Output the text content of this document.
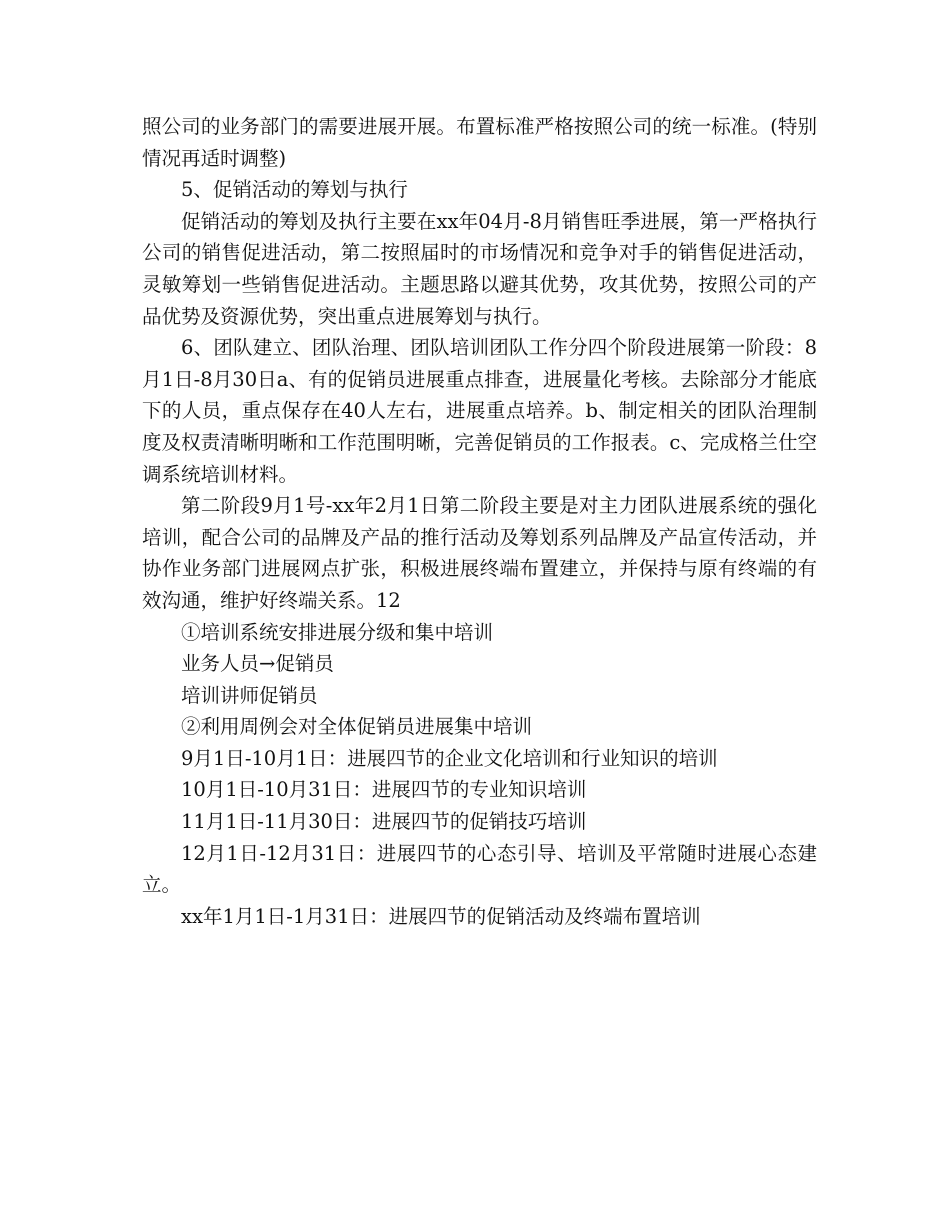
照公司的业务部门的需要进展开展。布置标准严格按照公司的统一标准。(特别情况再适时调整)

5、促销活动的筹划与执行

促销活动的筹划及执行主要在xx年04月-8月销售旺季进展，第一严格执行公司的销售促进活动，第二按照届时的市场情况和竞争对手的销售促进活动，灵敏筹划一些销售促进活动。主题思路以避其优势，攻其优势，按照公司的产品优势及资源优势，突出重点进展筹划与执行。

6、团队建立、团队治理、团队培训团队工作分四个阶段进展第一阶段：8月1日-8月30日a、有的促销员进展重点排查，进展量化考核。去除部分才能底下的人员，重点保存在40人左右，进展重点培养。b、制定相关的团队治理制度及权责清晰明晰和工作范围明晰，完善促销员的工作报表。c、完成格兰仕空调系统培训材料。

第二阶段9月1号-xx年2月1日第二阶段主要是对主力团队进展系统的强化培训，配合公司的品牌及产品的推行活动及筹划系列品牌及产品宣传活动，并协作业务部门进展网点扩张，积极进展终端布置建立，并保持与原有终端的有效沟通，维护好终端关系。12

①培训系统安排进展分级和集中培训

业务人员→促销员

培训讲师促销员

②利用周例会对全体促销员进展集中培训

9月1日-10月1日：进展四节的企业文化培训和行业知识的培训

10月1日-10月31日：进展四节的专业知识培训

11月1日-11月30日：进展四节的促销技巧培训

12月1日-12月31日：进展四节的心态引导、培训及平常随时进展心态建立。

xx年1月1日-1月31日：进展四节的促销活动及终端布置培训
